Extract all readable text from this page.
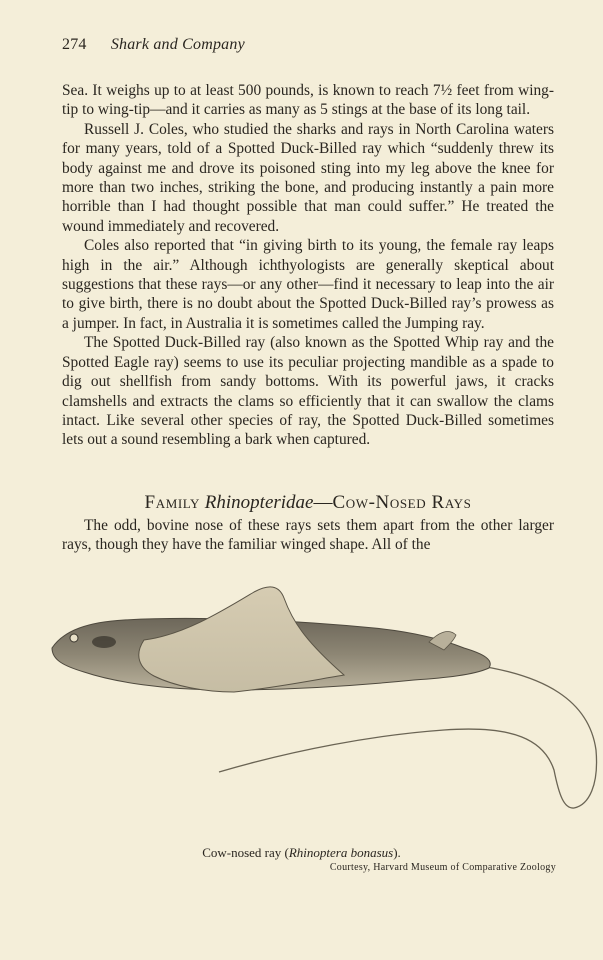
274 Shark and Company

Sea. It weighs up to at least 500 pounds, is known to reach 7½ feet from wing-tip to wing-tip—and it carries as many as 5 stings at the base of its long tail.

Russell J. Coles, who studied the sharks and rays in North Carolina waters for many years, told of a Spotted Duck-Billed ray which “suddenly threw its body against me and drove its poisoned sting into my leg above the knee for more than two inches, striking the bone, and producing instantly a pain more horrible than I had thought possible that man could suffer.” He treated the wound immediately and recovered.

Coles also reported that “in giving birth to its young, the female ray leaps high in the air.” Although ichthyologists are generally skeptical about suggestions that these rays—or any other—find it necessary to leap into the air to give birth, there is no doubt about the Spotted Duck-Billed ray’s prowess as a jumper. In fact, in Australia it is sometimes called the Jumping ray.

The Spotted Duck-Billed ray (also known as the Spotted Whip ray and the Spotted Eagle ray) seems to use its peculiar projecting mandible as a spade to dig out shellfish from sandy bottoms. With its powerful jaws, it cracks clamshells and extracts the clams so efficiently that it can swallow the clams intact. Like several other species of ray, the Spotted Duck-Billed sometimes lets out a sound resembling a bark when captured.

Family Rhinopteridae—Cow-Nosed Rays

The odd, bovine nose of these rays sets them apart from the other larger rays, though they have the familiar winged shape. All of the

Cow-nosed ray (Rhinoptera bonasus).
Courtesy, Harvard Museum of Comparative Zoology
